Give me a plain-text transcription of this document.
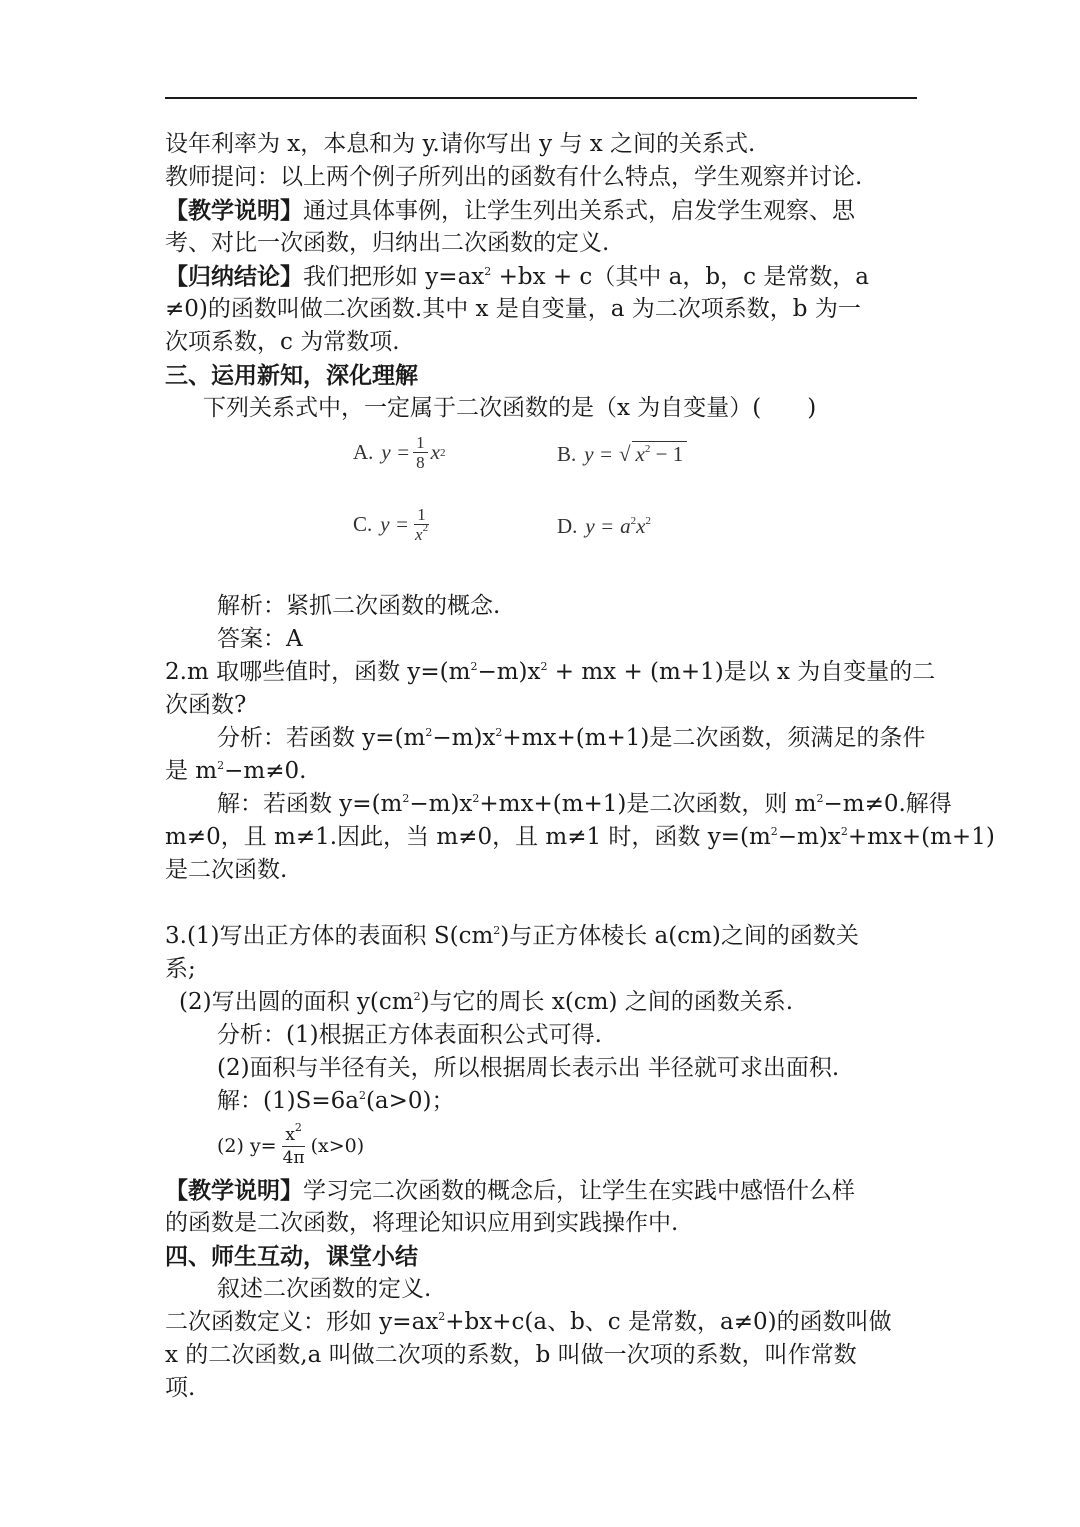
设年利率为 x，本息和为 y.请你写出 y 与 x 之间的关系式.
教师提问：以上两个例子所列出的函数有什么特点，学生观察并讨论.
【教学说明】通过具体事例，让学生列出关系式，启发学生观察、思
考、对比一次函数，归纳出二次函数的定义.
【归纳结论】我们把形如 $y=ax^2 +bx + c$（其中 a，b，c 是常数，a
≠0)的函数叫做二次函数.其中 x 是自变量，a 为二次项系数，b 为一
次项系数，c 为常数项.
三、运用新知，深化理解
下列关系式中，一定属于二次函数的是（x 为自变量）(　　)
A. $y = \frac{1}{8}$ x 2	B. y = √ $x^2 - 1$
C. $y = \frac{1}{x^2}$	D. $y = a^2x^2$
解析：紧抓二次函数的概念.
答案：A
2.m 取哪些值时，函数 $y=(m^2-m)x^2$ + mx + (m+1)是以 x 为自变量的二
次函数?
分析：若函数 $y=(m^2-m)x^2+mx+(m+1)$是二次函数，须满足的条件
是 $m^2-m\ne 0$.
解：若函数 $y=(m^2-m)x^2+mx+(m+1)$是二次函数，则 $m^2-m\ne 0$.解得
m≠0，且 m≠1.因此，当 m≠0，且 m≠1 时，函数 $y=(m^2-m)x^2+mx+(m+1)$
是二次函数.
3.(1)写出正方体的表面积 $S(cm^2)$与正方体棱长 a(cm)之间的函数关
系;
(2)写出圆的面积 $y(cm^2)$与它的周长 x(cm) 之间的函数关系.
分析：(1)根据正方体表面积公式可得.
(2)面积与半径有关，所以根据周长表示出 半径就可求出面积.
解：$(1)S=6a^2(a>0)$；
(2) $y= \frac{x^2}{4\pi} (x>0)$
【教学说明】学习完二次函数的概念后，让学生在实践中感悟什么样
的函数是二次函数，将理论知识应用到实践操作中.
四、师生互动，课堂小结
叙述二次函数的定义.
二次函数定义：形如 $y=ax^2+bx+c(a$、b、c 是常数，a≠0)的函数叫做
x 的二次函数,a 叫做二次项的系数，b 叫做一次项的系数，叫作常数
项.
